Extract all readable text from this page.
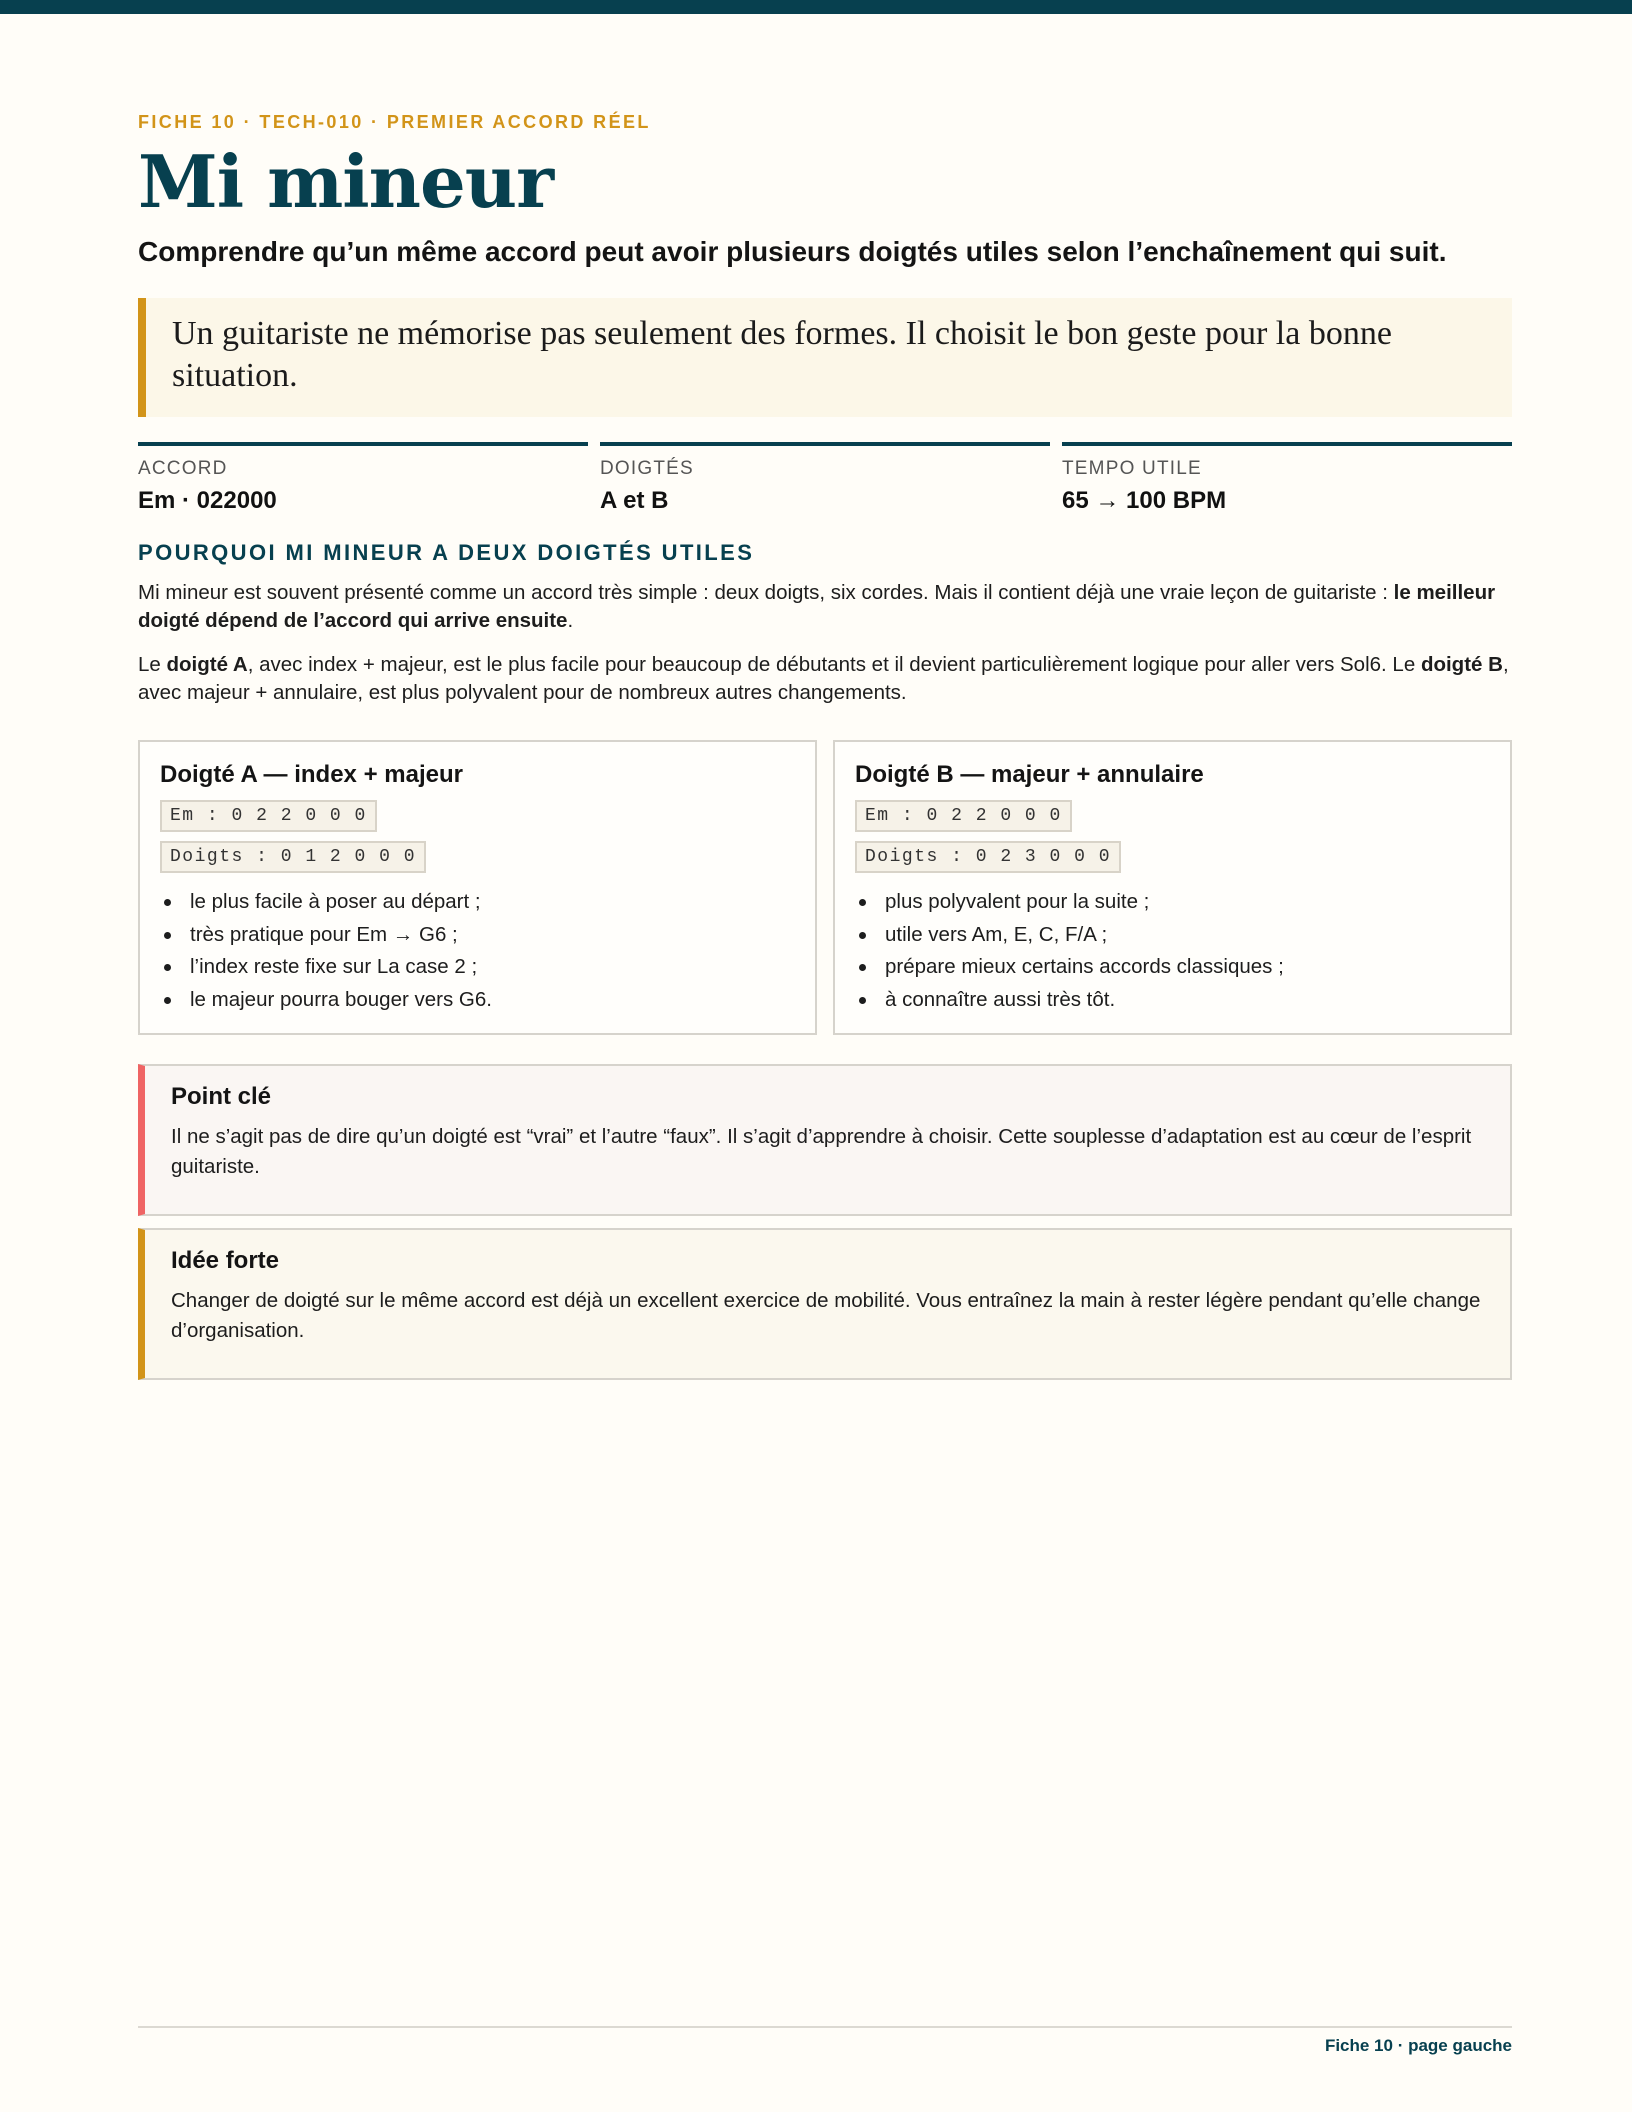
FICHE 10 · TECH-010 · PREMIER ACCORD RÉEL
Mi mineur
Comprendre qu’un même accord peut avoir plusieurs doigtés utiles selon l’enchaînement qui suit.
Un guitariste ne mémorise pas seulement des formes. Il choisit le bon geste pour la bonne situation.
ACCORD
Em · 022000
DOIGTÉS
A et B
TEMPO UTILE
65 → 100 BPM
POURQUOI MI MINEUR A DEUX DOIGTÉS UTILES
Mi mineur est souvent présenté comme un accord très simple : deux doigts, six cordes. Mais il contient déjà une vraie leçon de guitariste : le meilleur doigté dépend de l’accord qui arrive ensuite.
Le doigté A, avec index + majeur, est le plus facile pour beaucoup de débutants et il devient particulièrement logique pour aller vers Sol6. Le doigté B, avec majeur + annulaire, est plus polyvalent pour de nombreux autres changements.
Doigté A — index + majeur
Em : 0 2 2 0 0 0
Doigts : 0 1 2 0 0 0
le plus facile à poser au départ ;
très pratique pour Em → G6 ;
l’index reste fixe sur La case 2 ;
le majeur pourra bouger vers G6.
Doigté B — majeur + annulaire
Em : 0 2 2 0 0 0
Doigts : 0 2 3 0 0 0
plus polyvalent pour la suite ;
utile vers Am, E, C, F/A ;
prépare mieux certains accords classiques ;
à connaître aussi très tôt.
Point clé
Il ne s’agit pas de dire qu’un doigté est “vrai” et l’autre “faux”. Il s’agit d’apprendre à choisir. Cette souplesse d’adaptation est au cœur de l’esprit guitariste.
Idée forte
Changer de doigté sur le même accord est déjà un excellent exercice de mobilité. Vous entraînez la main à rester légère pendant qu’elle change d’organisation.
Fiche 10 · page gauche
